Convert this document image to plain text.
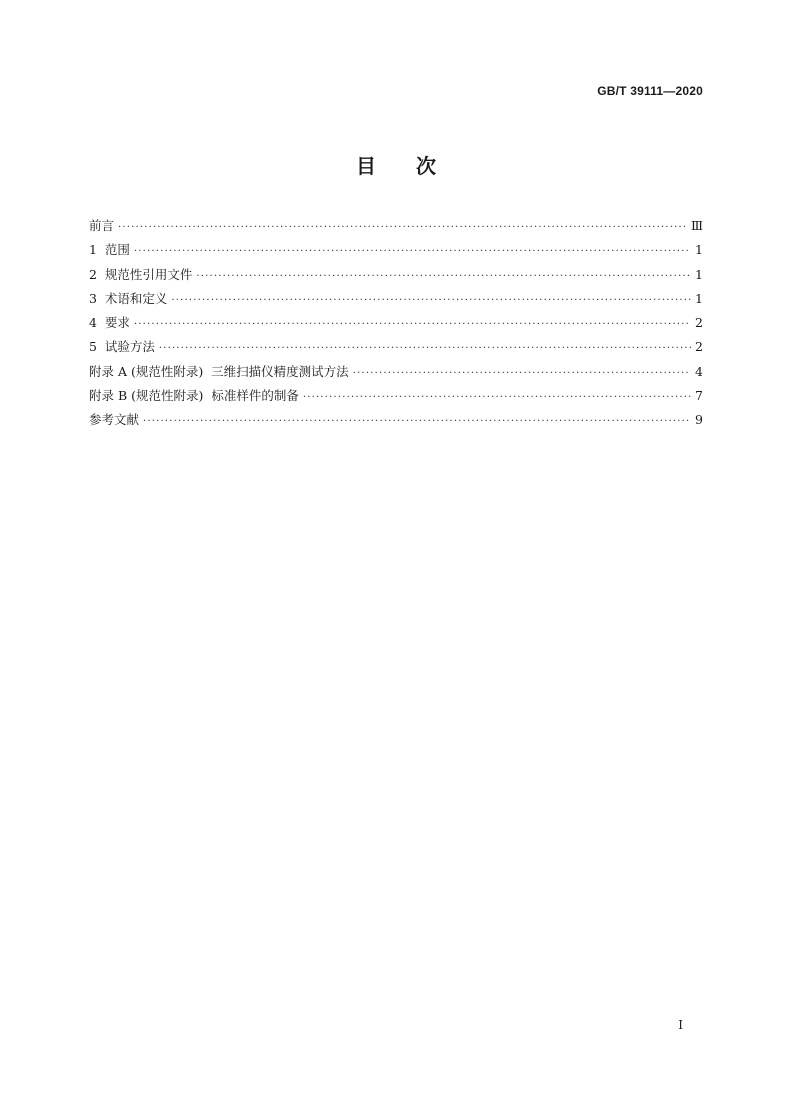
GB/T 39111—2020
目次
前言 ·····	Ⅲ
1  范围 ·····	1
2  规范性引用文件 ·····	1
3  术语和定义 ·····	1
4  要求 ·····	2
5  试验方法 ·····	2
附录 A (规范性附录)  三维扫描仪精度测试方法 ·····	4
附录 B (规范性附录)  标准样件的制备 ·····	7
参考文献 ·····	9
I
